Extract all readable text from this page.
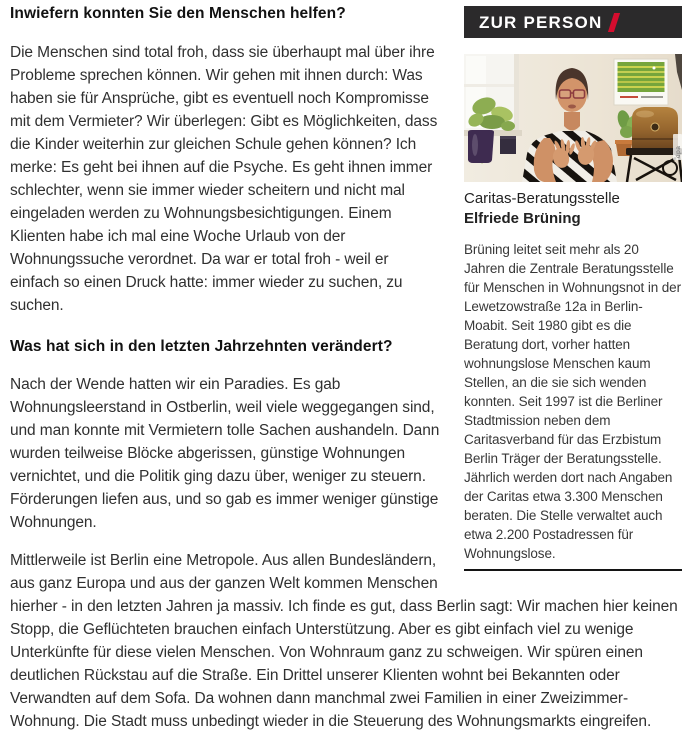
ZUR PERSON
dpa
Caritas-Beratungsstelle
Elfriede Brüning

Brüning leitet seit mehr als 20 Jahren die Zentrale Beratungsstelle für Menschen in Wohnungsnot in der Lewetzowstraße 12a in Berlin-Moabit. Seit 1980 gibt es die Beratung dort, vorher hatten wohnungslose Menschen kaum Stellen, an die sie sich wenden konnten. Seit 1997 ist die Berliner Stadtmission neben dem Caritasverband für das Erzbistum Berlin Träger der Beratungsstelle. Jährlich werden dort nach Angaben der Caritas etwa 3.300 Menschen beraten. Die Stelle verwaltet auch etwa 2.200 Postadressen für Wohnungslose.

Inwiefern konnten Sie den Menschen helfen?

Die Menschen sind total froh, dass sie überhaupt mal über ihre Probleme sprechen können. Wir gehen mit ihnen durch: Was haben sie für Ansprüche, gibt es eventuell noch Kompromisse mit dem Vermieter? Wir überlegen: Gibt es Möglichkeiten, dass die Kinder weiterhin zur gleichen Schule gehen können? Ich merke: Es geht bei ihnen auf die Psyche. Es geht ihnen immer schlechter, wenn sie immer wieder scheitern und nicht mal eingeladen werden zu Wohnungsbesichtigungen. Einem Klienten habe ich mal eine Woche Urlaub von der Wohnungssuche verordnet. Da war er total froh - weil er einfach so einen Druck hatte: immer wieder zu suchen, zu suchen.

Was hat sich in den letzten Jahrzehnten verändert?

Nach der Wende hatten wir ein Paradies. Es gab Wohnungsleerstand in Ostberlin, weil viele weggegangen sind, und man konnte mit Vermietern tolle Sachen aushandeln. Dann wurden teilweise Blöcke abgerissen, günstige Wohnungen vernichtet, und die Politik ging dazu über, weniger zu steuern. Förderungen liefen aus, und so gab es immer weniger günstige Wohnungen.

Mittlerweile ist Berlin eine Metropole. Aus allen Bundesländern, aus ganz Europa und aus der ganzen Welt kommen Menschen hierher - in den letzten Jahren ja massiv. Ich finde es gut, dass Berlin sagt: Wir machen hier keinen Stopp, die Geflüchteten brauchen einfach Unterstützung. Aber es gibt einfach viel zu wenige Unterkünfte für diese vielen Menschen. Von Wohnraum ganz zu schweigen. Wir spüren einen deutlichen Rückstau auf die Straße. Ein Drittel unserer Klienten wohnt bei Bekannten oder Verwandten auf dem Sofa. Da wohnen dann manchmal zwei Familien in einer Zweizimmer-Wohnung. Die Stadt muss unbedingt wieder in die Steuerung des Wohnungsmarkts eingreifen.
